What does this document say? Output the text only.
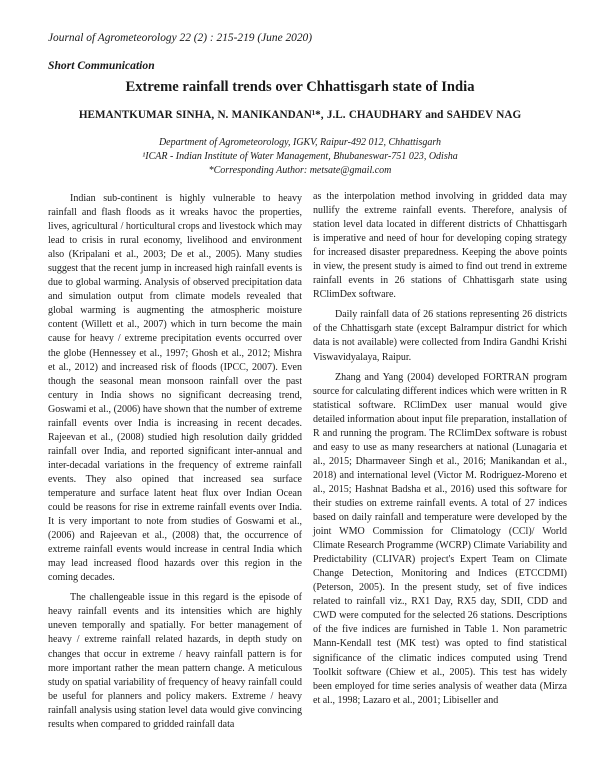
Journal of Agrometeorology 22 (2) : 215-219 (June 2020)
Short Communication
Extreme rainfall trends over Chhattisgarh state of India
HEMANTKUMAR SINHA, N. MANIKANDAN¹*, J.L. CHAUDHARY and SAHDEV NAG
Department of Agrometeorology, IGKV, Raipur-492 012, Chhattisgarh
¹ICAR - Indian Institute of Water Management, Bhubaneswar-751 023, Odisha
*Corresponding Author: metsate@gmail.com

Indian sub-continent is highly vulnerable to heavy rainfall and flash floods as it wreaks havoc the properties, lives, agricultural / horticultural crops and livestock which may lead to crisis in rural economy, livelihood and environment also (Kripalani et al., 2003; De et al., 2005). Many studies suggest that the recent jump in increased high rainfall events is due to global warming. Analysis of observed precipitation data and simulation output from climate models revealed that global warming is augmenting the atmospheric moisture content (Willett et al., 2007) which in turn become the main cause for heavy / extreme precipitation events occurred over the globe (Hennessey et al., 1997; Ghosh et al., 2012; Mishra et al., 2012) and increased risk of floods (IPCC, 2007). Even though the seasonal mean monsoon rainfall over the past century in India shows no significant decreasing trend, Goswami et al., (2006) have shown that the number of extreme rainfall events over India is increasing in recent decades. Rajeevan et al., (2008) studied high resolution daily gridded rainfall over India, and reported significant inter-annual and inter-decadal variations in the frequency of extreme rainfall events. They also opined that increased sea surface temperature and surface latent heat flux over Indian Ocean could be reasons for rise in extreme rainfall events over India. It is very important to note from studies of Goswami et al., (2006) and Rajeevan et al., (2008) that, the occurrence of extreme rainfall events would increase in central India which may lead increased flood hazards over this region in the coming decades.

The challengeable issue in this regard is the episode of heavy rainfall events and its intensities which are highly uneven temporally and spatially. For better management of heavy / extreme rainfall related hazards, in depth study on changes that occur in extreme / heavy rainfall pattern is for more important rather the mean pattern change. A meticulous study on spatial variability of frequency of heavy rainfall could be useful for planners and policy makers. Extreme / heavy rainfall analysis using station level data would give convincing results when compared to gridded rainfall data

as the interpolation method involving in gridded data may nullify the extreme rainfall events. Therefore, analysis of station level data located in different districts of Chhattisgarh is imperative and need of hour for developing coping strategy for increased disaster preparedness. Keeping the above points in view, the present study is aimed to find out trend in extreme rainfall events in 26 stations of Chhattisgarh state using RClimDex software.

Daily rainfall data of 26 stations representing 26 districts of the Chhattisgarh state (except Balrampur district for which data is not available) were collected from Indira Gandhi Krishi Viswavidyalaya, Raipur.

Zhang and Yang (2004) developed FORTRAN program source for calculating different indices which were written in R statistical software. RClimDex user manual would give detailed information about input file preparation, installation of R and running the program. The RClimDex software is robust and easy to use as many researchers at national (Lunagaria et al., 2015; Dharmaveer Singh et al., 2016; Manikandan et al., 2018) and international level (Victor M. Rodriguez-Moreno et al., 2015; Hashnat Badsha et al., 2016) used this software for their studies on extreme rainfall events. A total of 27 indices based on daily rainfall and temperature were developed by the joint WMO Commission for Climatology (CCl)/ World Climate Research Programme (WCRP) Climate Variability and Predictability (CLIVAR) project's Expert Team on Climate Change Detection, Monitoring and Indices (ETCCDMI) (Peterson, 2005). In the present study, set of five indices related to rainfall viz., RX1 Day, RX5 day, SDII, CDD and CWD were computed for the selected 26 stations. Descriptions of the five indices are furnished in Table 1. Non parametric Mann-Kendall test (MK test) was opted to find statistical significance of the climatic indices computed using Trend Toolkit software (Chiew et al., 2005). This test has widely been employed for time series analysis of weather data (Mirza et al., 1998; Lazaro et al., 2001; Libiseller and
